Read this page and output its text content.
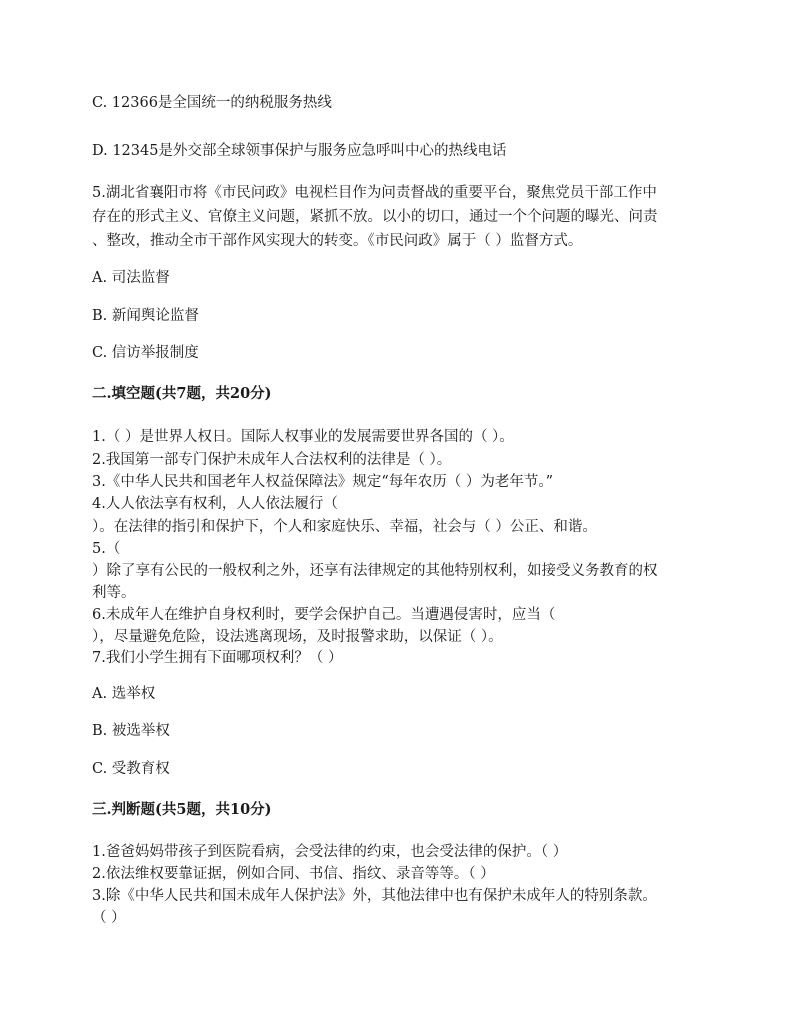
C. 12366是全国统一的纳税服务热线
D. 12345是外交部全球领事保护与服务应急呼叫中心的热线电话
5.湖北省襄阳市将《市民问政》电视栏目作为问责督战的重要平台，聚焦党员干部工作中
存在的形式主义、官僚主义问题，紧抓不放。以小的切口，通过一个个问题的曝光、问责
、整改，推动全市干部作风实现大的转变。《市民问政》属于（ ）监督方式。
A. 司法监督
B. 新闻舆论监督
C. 信访举报制度
二.填空题(共7题，共20分)
1.（ ）是世界人权日。国际人权事业的发展需要世界各国的（ ）。
2.我国第一部专门保护未成年人合法权利的法律是（ ）。
3.《中华人民共和国老年人权益保障法》规定“每年农历（ ）为老年节。”
4.人人依法享有权利，人人依法履行（
）。在法律的指引和保护下，个人和家庭快乐、幸福，社会与（ ）公正、和谐。
5.（
）除了享有公民的一般权利之外，还享有法律规定的其他特别权利，如接受义务教育的权
利等。
6.未成年人在维护自身权利时，要学会保护自己。当遭遇侵害时，应当（
），尽量避免危险，设法逃离现场，及时报警求助，以保证（ ）。
7.我们小学生拥有下面哪项权利？（ ）
A. 选举权
B. 被选举权
C. 受教育权
三.判断题(共5题，共10分)
1.爸爸妈妈带孩子到医院看病，会受法律的约束，也会受法律的保护。（ ）
2.依法维权要靠证据，例如合同、书信、指纹、录音等等。（ ）
3.除《中华人民共和国未成年人保护法》外，其他法律中也有保护未成年人的特别条款。
（ ）
